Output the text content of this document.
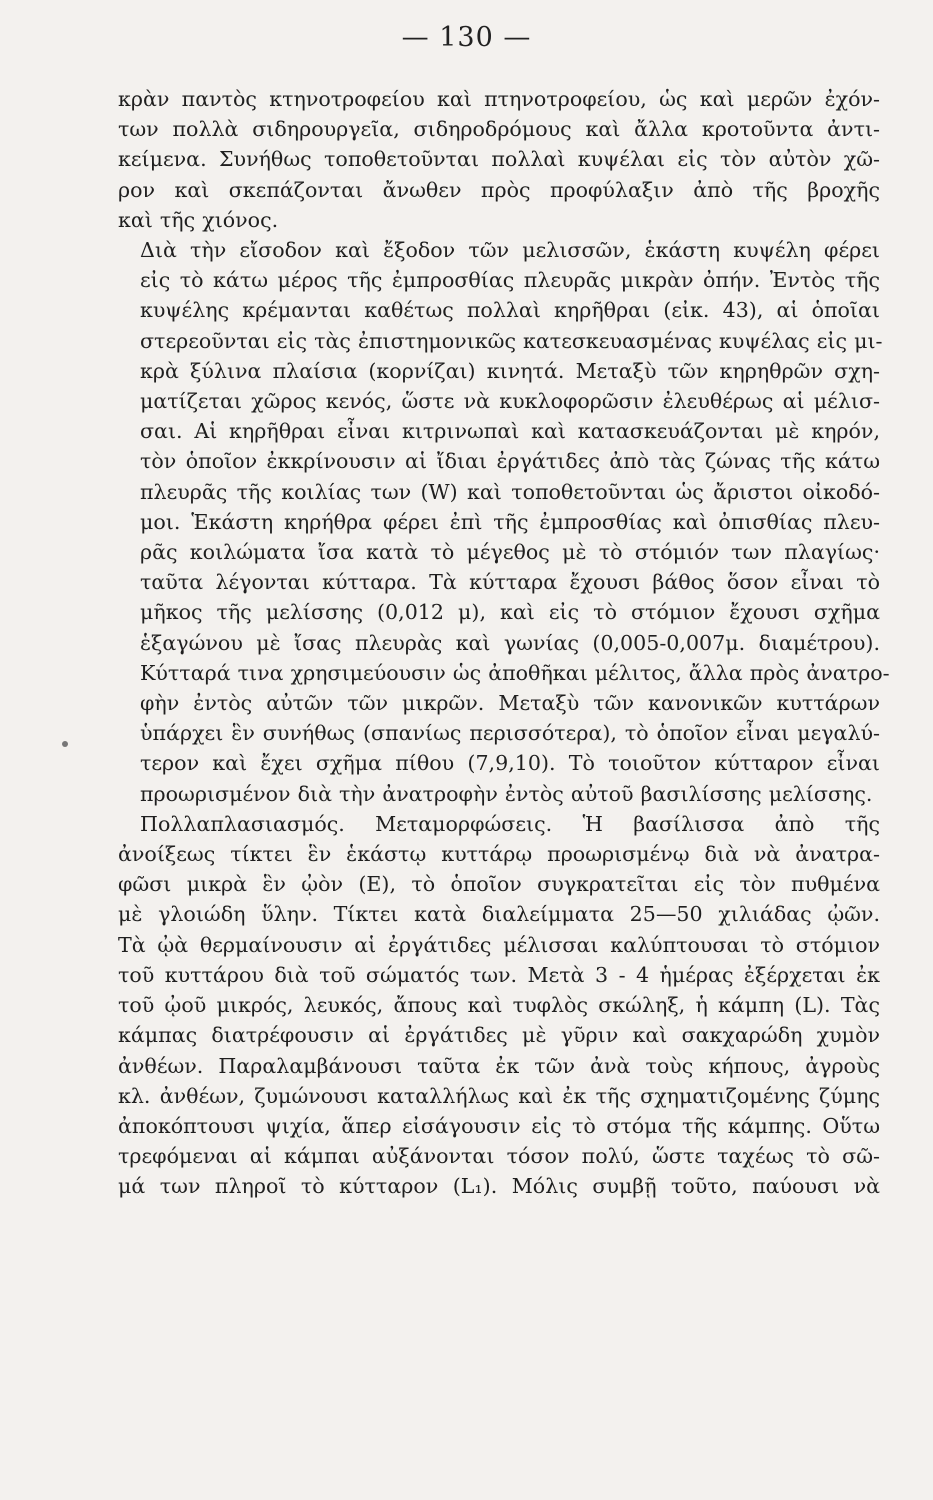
— 130 —

κρὰν παντὸς κτηνοτροφείου καὶ πτηνοτροφείου, ὡς καὶ μερῶν ἐχόν-
των πολλὰ σιδηρουργεῖα, σιδηροδρόμους καὶ ἄλλα κροτοῦντα ἀντι-
κείμενα. Συνήθως τοποθετοῦνται πολλαὶ κυψέλαι εἰς τὸν αὐτὸν χῶ-
ρον καὶ σκεπάζονται ἄνωθεν πρὸς προφύλαξιν ἀπὸ τῆς βροχῆς
καὶ τῆς χιόνος.

Διὰ τὴν εἴσοδον καὶ ἔξοδον τῶν μελισσῶν, ἑκάστη κυψέλη φέρει
εἰς τὸ κάτω μέρος τῆς ἐμπροσθίας πλευρᾶς μικρὰν ὀπήν. Ἐντὸς τῆς
κυψέλης κρέμανται καθέτως πολλαὶ κηρῆθραι (εἰκ. 43), αἱ ὁποῖαι
στερεοῦνται εἰς τὰς ἐπιστημονικῶς κατεσκευασμένας κυψέλας εἰς μι-
κρὰ ξύλινα πλαίσια (κορνίζαι) κινητά. Μεταξὺ τῶν κηρηθρῶν σχη-
ματίζεται χῶρος κενός, ὥστε νὰ κυκλοφορῶσιν ἐλευθέρως αἱ μέλισ-
σαι. Αἱ κηρῆθραι εἶναι κιτρινωπαὶ καὶ κατασκευάζονται μὲ κηρόν,
τὸν ὁποῖον ἐκκρίνουσιν αἱ ἴδιαι ἐργάτιδες ἀπὸ τὰς ζώνας τῆς κάτω
πλευρᾶς τῆς κοιλίας των (W) καὶ τοποθετοῦνται ὡς ἄριστοι οἰκοδό-
μοι. Ἑκάστη κηρήθρα φέρει ἐπὶ τῆς ἐμπροσθίας καὶ ὀπισθίας πλευ-
ρᾶς κοιλώματα ἴσα κατὰ τὸ μέγεθος μὲ τὸ στόμιόν των πλαγίως·
ταῦτα λέγονται κύτταρα. Τὰ κύτταρα ἔχουσι βάθος ὅσον εἶναι τὸ
μῆκος τῆς μελίσσης (0,012 μ), καὶ εἰς τὸ στόμιον ἔχουσι σχῆμα
ἑξαγώνου μὲ ἴσας πλευρὰς καὶ γωνίας (0,005-0,007μ. διαμέτρου).
Κύτταρά τινα χρησιμεύουσιν ὡς ἀποθῆκαι μέλιτος, ἄλλα πρὸς ἀνατρο-
φὴν ἐντὸς αὐτῶν τῶν μικρῶν. Μεταξὺ τῶν κανονικῶν κυττάρων
ὑπάρχει ἓν συνήθως (σπανίως περισσότερα), τὸ ὁποῖον εἶναι μεγαλύ-
τερον καὶ ἔχει σχῆμα πίθου (7,9,10). Τὸ τοιοῦτον κύτταρον εἶναι
προωρισμένον διὰ τὴν ἀνατροφὴν ἐντὸς αὐτοῦ βασιλίσσης μελίσσης.

Πολλαπλασιασμός. Μεταμορφώσεις. Ἡ βασίλισσα ἀπὸ τῆς
ἀνοίξεως τίκτει ἓν ἑκάστῳ κυττάρῳ προωρισμένῳ διὰ νὰ ἀνατρα-
φῶσι μικρὰ ἓν ᾠὸν (E), τὸ ὁποῖον συγκρατεῖται εἰς τὸν πυθμένα
μὲ γλοιώδη ὕλην. Τίκτει κατὰ διαλείμματα 25—50 χιλιάδας ᾠῶν.
Τὰ ᾠὰ θερμαίνουσιν αἱ ἐργάτιδες μέλισσαι καλύπτουσαι τὸ στόμιον
τοῦ κυττάρου διὰ τοῦ σώματός των. Μετὰ 3 - 4 ἡμέρας ἐξέρχεται ἐκ
τοῦ ᾠοῦ μικρός, λευκός, ἄπους καὶ τυφλὸς σκώληξ, ἡ κάμπη (L). Τὰς
κάμπας διατρέφουσιν αἱ ἐργάτιδες μὲ γῦριν καὶ σακχαρώδη χυμὸν
ἀνθέων. Παραλαμβάνουσι ταῦτα ἐκ τῶν ἀνὰ τοὺς κήπους, ἀγροὺς
κλ. ἀνθέων, ζυμώνουσι καταλλήλως καὶ ἐκ τῆς σχηματιζομένης ζύμης
ἀποκόπτουσι ψιχία, ἅπερ εἰσάγουσιν εἰς τὸ στόμα τῆς κάμπης. Οὕτω
τρεφόμεναι αἱ κάμπαι αὐξάνονται τόσον πολύ, ὥστε ταχέως τὸ σῶ-
μά των πληροῖ τὸ κύτταρον (L₁). Μόλις συμβῇ τοῦτο, παύουσι νὰ
